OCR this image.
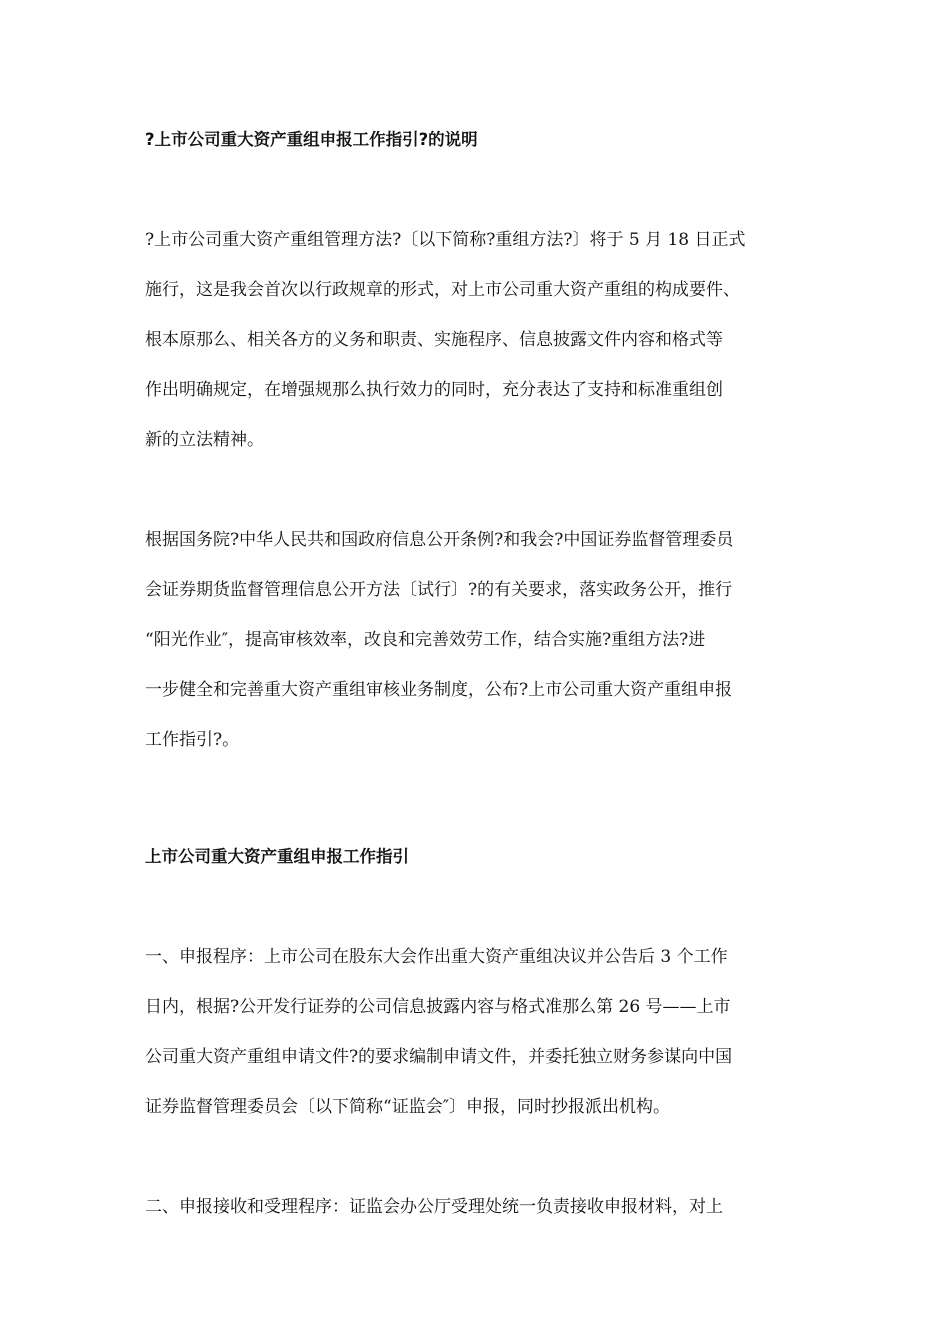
?上市公司重大资产重组申报工作指引?的说明
?上市公司重大资产重组管理方法?〔以下简称?重组方法?〕将于 5 月 18 日正式
施行，这是我会首次以行政规章的形式，对上市公司重大资产重组的构成要件、
根本原那么、相关各方的义务和职责、实施程序、信息披露文件内容和格式等
作出明确规定，在增强规那么执行效力的同时，充分表达了支持和标准重组创
新的立法精神。
根据国务院?中华人民共和国政府信息公开条例?和我会?中国证券监督管理委员
会证券期货监督管理信息公开方法〔试行〕?的有关要求，落实政务公开，推行
“阳光作业″，提高审核效率，改良和完善效劳工作，结合实施?重组方法?进
一步健全和完善重大资产重组审核业务制度，公布?上市公司重大资产重组申报
工作指引?。
上市公司重大资产重组申报工作指引
一、申报程序：上市公司在股东大会作出重大资产重组决议并公告后 3 个工作
日内，根据?公开发行证券的公司信息披露内容与格式准那么第 26 号——上市
公司重大资产重组申请文件?的要求编制申请文件，并委托独立财务参谋向中国
证券监督管理委员会〔以下简称“证监会″〕申报，同时抄报派出机构。
二、申报接收和受理程序：证监会办公厅受理处统一负责接收申报材料，对上
